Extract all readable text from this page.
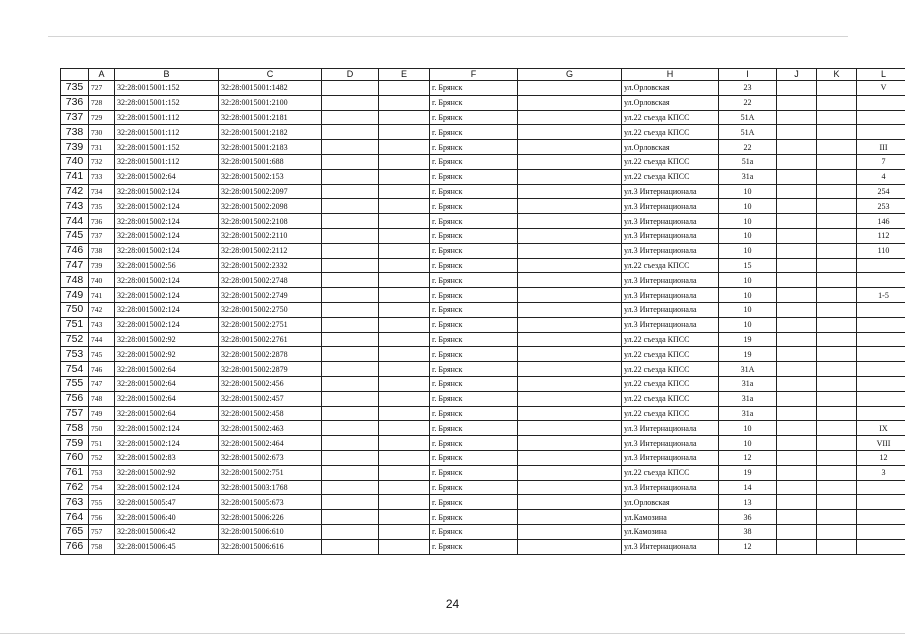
	A	B	C	D	E	F	G	H	I	J	K	L
735	727	32:28:0015001:152	32:28:0015001:1482			г. Брянск		ул.Орловская	23			V
736	728	32:28:0015001:152	32:28:0015001:2100			г. Брянск		ул.Орловская	22			
737	729	32:28:0015001:112	32:28:0015001:2181			г. Брянск		ул.22 съезда КПСС	51А			
738	730	32:28:0015001:112	32:28:0015001:2182			г. Брянск		ул.22 съезда КПСС	51А			
739	731	32:28:0015001:152	32:28:0015001:2183			г. Брянск		ул.Орловская	22			III
740	732	32:28:0015001:112	32:28:0015001:688			г. Брянск		ул.22 съезда КПСС	51а			7
741	733	32:28:0015002:64	32:28:0015002:153			г. Брянск		ул.22 съезда КПСС	31а			4
742	734	32:28:0015002:124	32:28:0015002:2097			г. Брянск		ул.3 Интернационала	10			254
743	735	32:28:0015002:124	32:28:0015002:2098			г. Брянск		ул.3 Интернационала	10			253
744	736	32:28:0015002:124	32:28:0015002:2108			г. Брянск		ул.3 Интернационала	10			146
745	737	32:28:0015002:124	32:28:0015002:2110			г. Брянск		ул.3 Интернационала	10			112
746	738	32:28:0015002:124	32:28:0015002:2112			г. Брянск		ул.3 Интернационала	10			110
747	739	32:28:0015002:56	32:28:0015002:2332			г. Брянск		ул.22 съезда КПСС	15			
748	740	32:28:0015002:124	32:28:0015002:2748			г. Брянск		ул.3 Интернационала	10			
749	741	32:28:0015002:124	32:28:0015002:2749			г. Брянск		ул.3 Интернационала	10			1-5
750	742	32:28:0015002:124	32:28:0015002:2750			г. Брянск		ул.3 Интернационала	10			
751	743	32:28:0015002:124	32:28:0015002:2751			г. Брянск		ул.3 Интернационала	10			
752	744	32:28:0015002:92	32:28:0015002:2761			г. Брянск		ул.22 съезда КПСС	19			
753	745	32:28:0015002:92	32:28:0015002:2878			г. Брянск		ул.22 съезда КПСС	19			
754	746	32:28:0015002:64	32:28:0015002:2879			г. Брянск		ул.22 съезда КПСС	31А			
755	747	32:28:0015002:64	32:28:0015002:456			г. Брянск		ул.22 съезда КПСС	31а			
756	748	32:28:0015002:64	32:28:0015002:457			г. Брянск		ул.22 съезда КПСС	31а			
757	749	32:28:0015002:64	32:28:0015002:458			г. Брянск		ул.22 съезда КПСС	31а			
758	750	32:28:0015002:124	32:28:0015002:463			г. Брянск		ул.3 Интернационала	10			IX
759	751	32:28:0015002:124	32:28:0015002:464			г. Брянск		ул.3 Интернационала	10			VIII
760	752	32:28:0015002:83	32:28:0015002:673			г. Брянск		ул.3 Интернационала	12			12
761	753	32:28:0015002:92	32:28:0015002:751			г. Брянск		ул.22 съезда КПСС	19			3
762	754	32:28:0015002:124	32:28:0015003:1768			г. Брянск		ул.3 Интернационала	14			
763	755	32:28:0015005:47	32:28:0015005:673			г. Брянск		ул.Орловская	13			
764	756	32:28:0015006:40	32:28:0015006:226			г. Брянск		ул.Камозина	36			
765	757	32:28:0015006:42	32:28:0015006:610			г. Брянск		ул.Камозина	38			
766	758	32:28:0015006:45	32:28:0015006:616			г. Брянск		ул.3 Интернационала	12			
24
